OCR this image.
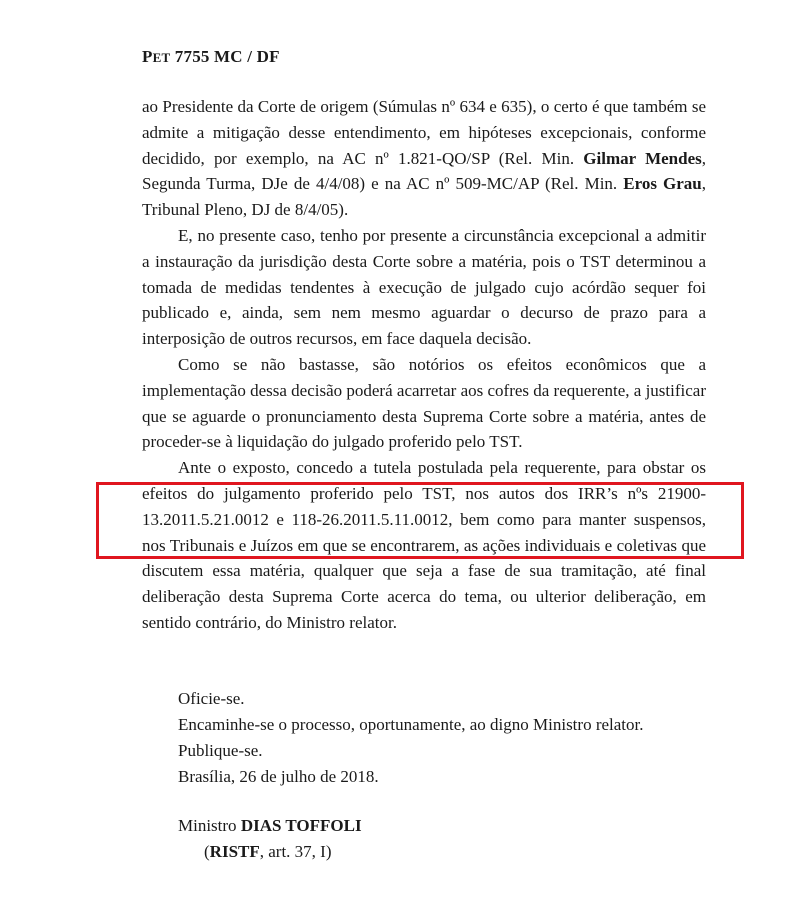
PET 7755 MC / DF

ao Presidente da Corte de origem (Súmulas nº 634 e 635), o certo é que também se admite a mitigação desse entendimento, em hipóteses excepcionais, conforme decidido, por exemplo, na AC nº 1.821-QO/SP (Rel. Min. Gilmar Mendes, Segunda Turma, DJe de 4/4/08) e na AC nº 509-MC/AP (Rel. Min. Eros Grau, Tribunal Pleno, DJ de 8/4/05).

E, no presente caso, tenho por presente a circunstância excepcional a admitir a instauração da jurisdição desta Corte sobre a matéria, pois o TST determinou a tomada de medidas tendentes à execução de julgado cujo acórdão sequer foi publicado e, ainda, sem nem mesmo aguardar o decurso de prazo para a interposição de outros recursos, em face daquela decisão.

Como se não bastasse, são notórios os efeitos econômicos que a implementação dessa decisão poderá acarretar aos cofres da requerente, a justificar que se aguarde o pronunciamento desta Suprema Corte sobre a matéria, antes de proceder-se à liquidação do julgado proferido pelo TST.

Ante o exposto, concedo a tutela postulada pela requerente, para obstar os efeitos do julgamento proferido pelo TST, nos autos dos IRR’s nºs 21900-13.2011.5.21.0012 e 118-26.2011.5.11.0012, bem como para manter suspensos, nos Tribunais e Juízos em que se encontrarem, as ações individuais e coletivas que discutem essa matéria, qualquer que seja a fase de sua tramitação, até final deliberação desta Suprema Corte acerca do tema, ou ulterior deliberação, em sentido contrário, do Ministro relator.

Oficie-se.
Encaminhe-se o processo, oportunamente, ao digno Ministro relator.
Publique-se.
Brasília, 26 de julho de 2018.
Ministro DIAS TOFFOLI
(RISTF, art. 37, I)
